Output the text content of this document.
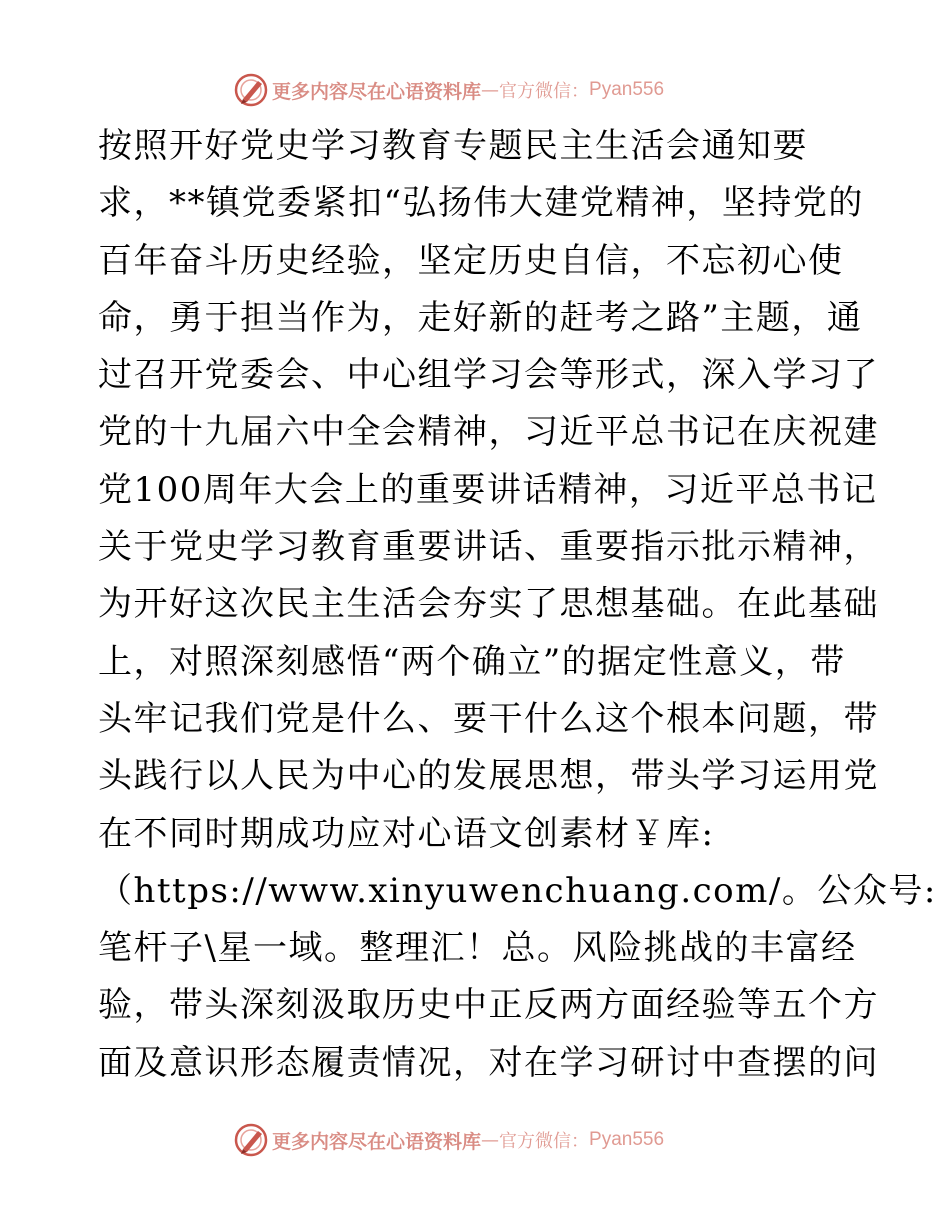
更多内容尽在心语资料库 — 官方微信： Pyan556
按照开好党史学习教育专题民主生活会通知要
求，**镇党委紧扣“弘扬伟大建党精神，坚持党的
百年奋斗历史经验，坚定历史自信，不忘初心使
命，勇于担当作为，走好新的赶考之路”主题，通
过召开党委会、中心组学习会等形式，深入学习了
党的十九届六中全会精神，习近平总书记在庆祝建
党100周年大会上的重要讲话精神，习近平总书记
关于党史学习教育重要讲话、重要指示批示精神，
为开好这次民主生活会夯实了思想基础。在此基础
上，对照深刻感悟“两个确立”的据定性意义，带
头牢记我们党是什么、要干什么这个根本问题，带
头践行以人民为中心的发展思想，带头学习运用党
在不同时期成功应对心语文创素材￥库:
（https://www.xinyuwenchuang.com/。公众号:
笔杆子\星一域。整理汇！总。风险挑战的丰富经
验，带头深刻汲取历史中正反两方面经验等五个方
面及意识形态履责情况，对在学习研讨中查摆的问
更多内容尽在心语资料库 — 官方微信： Pyan556
